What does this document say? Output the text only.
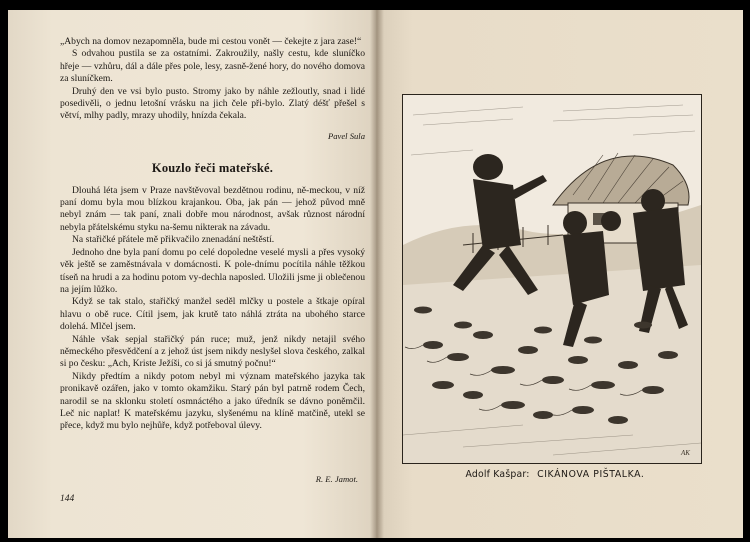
„Abych na domov nezapomněla, bude mi cestou vonět — čekejte z jara zase!“

S odvahou pustila se za ostatními. Zakroužily, našly cestu, kde sluníčko hřeje — vzhůru, dál a dále přes pole, lesy, zasně-žené hory, do nového domova za sluníčkem.

Druhý den ve vsi bylo pusto. Stromy jako by náhle zežloutly, snad i lidé posedivěli, o jednu letošní vrásku na jich čele při-bylo. Zlatý déšť přešel s větví, mlhy padly, mrazy uhodily, hnízda čekala.

Pavel Sula
Kouzlo řeči mateřské.

Dlouhá léta jsem v Praze navštěvoval bezdětnou rodinu, ně-meckou, v níž paní domu byla mou blízkou krajankou. Oba, jak pán — jehož původ mně nebyl znám — tak paní, znali dobře mou národnost, avšak různost národní nebyla přátelskému styku na-šemu nikterak na závadu.

Na stařičké přátele mě přikvačilo znenadání neštěstí.

Jednoho dne byla paní domu po celé dopoledne veselé mysli a přes vysoký věk ještě se zaměstnávala v domácnosti. K pole-dnímu pocítila náhle těžkou tíseň na hrudi a za hodinu potom vy-dechla naposled. Uložili jsme ji oblečenou na jejím lůžko.

Když se tak stalo, stařičký manžel seděl mlčky u postele a štkaje opíral hlavu o obě ruce. Cítil jsem, jak krutě tato náhlá ztráta na ubohého starce dolehá. Mlčel jsem.

Náhle však sepjal stařičký pán ruce; muž, jenž nikdy netajil svého německého přesvědčení a z jehož úst jsem nikdy neslyšel slova českého, zalkal si po česku: „Ach, Kriste Ježíši, co si já smutný počnu!“

Nikdy předtím a nikdy potom nebyl mi význam mateřského jazyka tak pronikavě ozářen, jako v tomto okamžiku. Starý pán byl patrně rodem Čech, narodil se na sklonku století osmnáctého a jako úředník se dávno poněmčil. Leč nic naplat! K mateřskému jazyku, slyšenému na klíně matčině, utekl se přece, když mu bylo nejhůře, když potřeboval úlevy.

R. E. Jamot.
144
AK
Adolf Kašpar: CIKÁNOVA PIŠTALKA.
